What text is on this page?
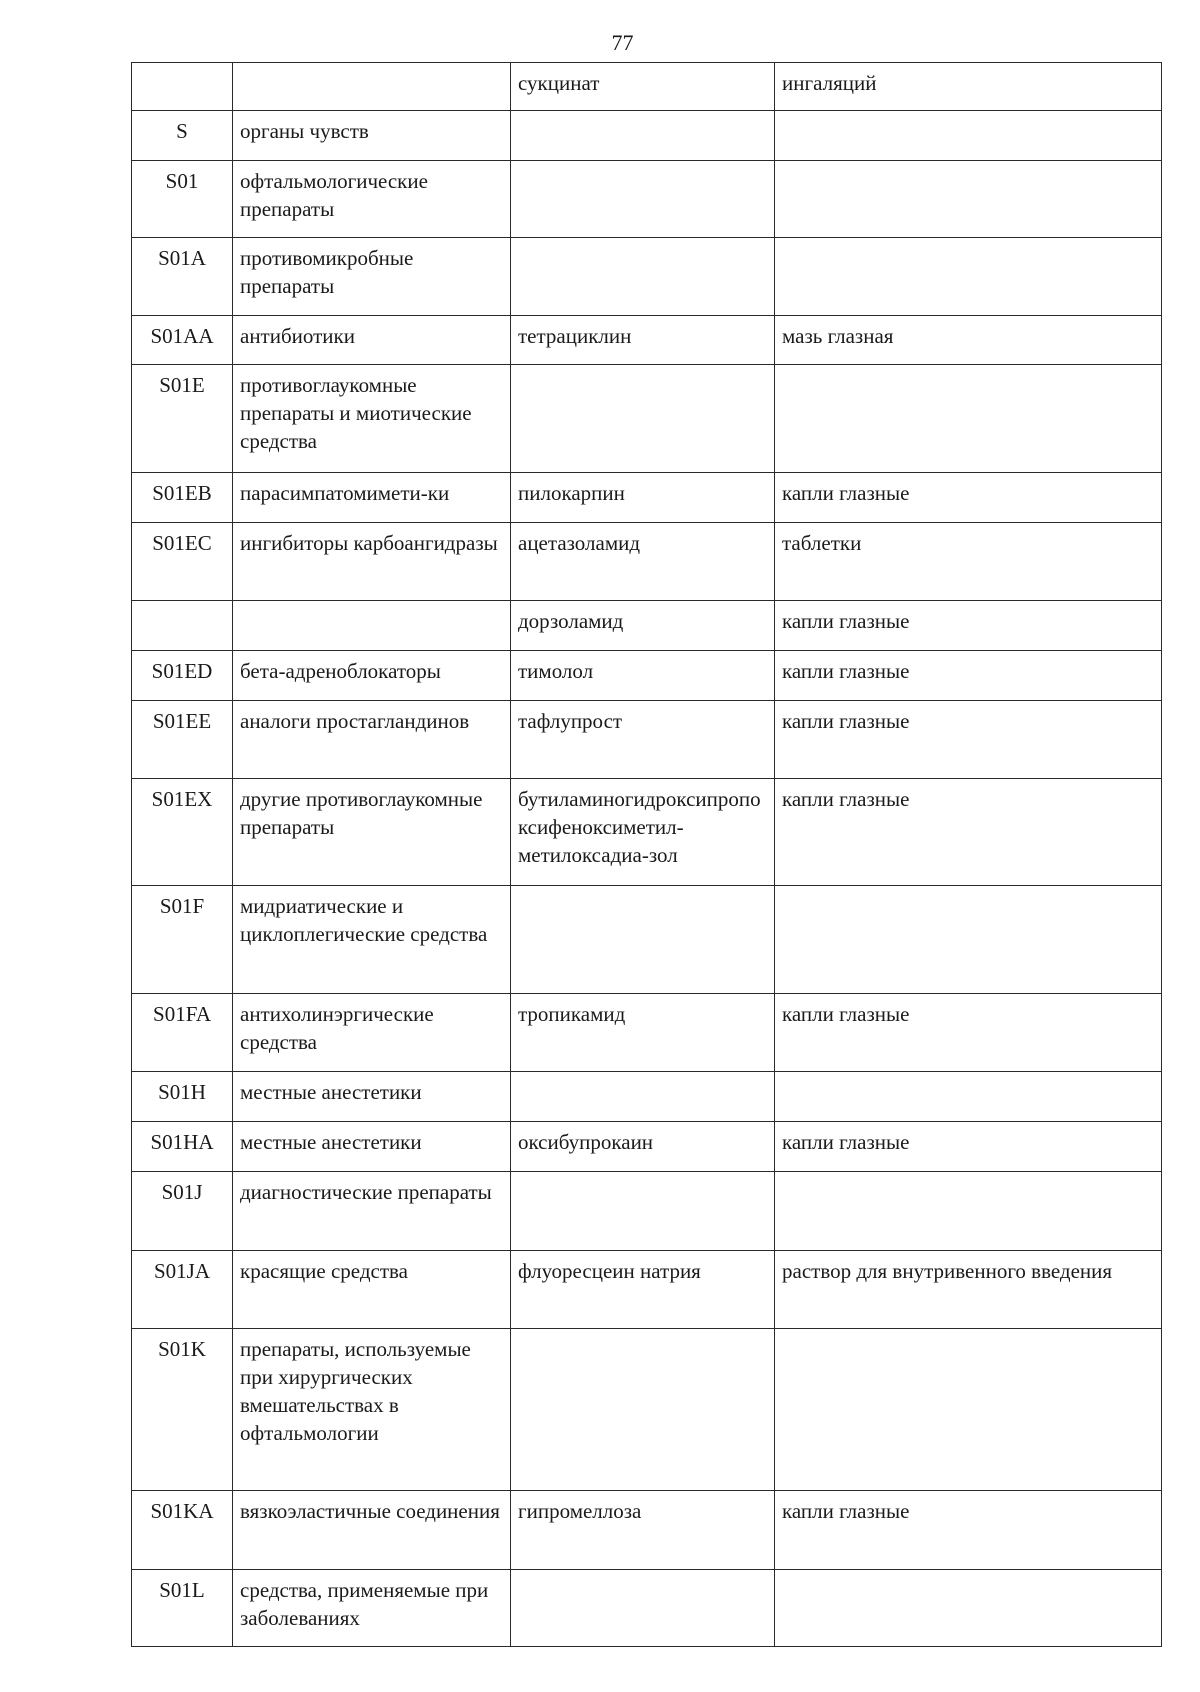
77
		сукцинат	ингаляций
S	органы чувств		
S01	офтальмологические препараты		
S01A	противомикробные препараты		
S01AA	антибиотики	тетрациклин	мазь глазная
S01E	противоглаукомные препараты и миотические средства		
S01EB	парасимпатомимети-ки	пилокарпин	капли глазные
S01EC	ингибиторы карбоангидразы	ацетазоламид	таблетки
		дорзоламид	капли глазные
S01ED	бета-адреноблокаторы	тимолол	капли глазные
S01EE	аналоги простагландинов	тафлупрост	капли глазные
S01EX	другие противоглаукомные препараты	бутиламиногидроксипропоксифеноксиметил-метилоксадиа-зол	капли глазные
S01F	мидриатические и циклоплегические средства		
S01FA	антихолинэргические средства	тропикамид	капли глазные
S01H	местные анестетики		
S01HA	местные анестетики	оксибупрокаин	капли глазные
S01J	диагностические препараты		
S01JA	красящие средства	флуоресцеин натрия	раствор для внутривенного введения
S01K	препараты, используемые при хирургических вмешательствах в офтальмологии		
S01KA	вязкоэластичные соединения	гипромеллоза	капли глазные
S01L	средства, применяемые при заболеваниях		
